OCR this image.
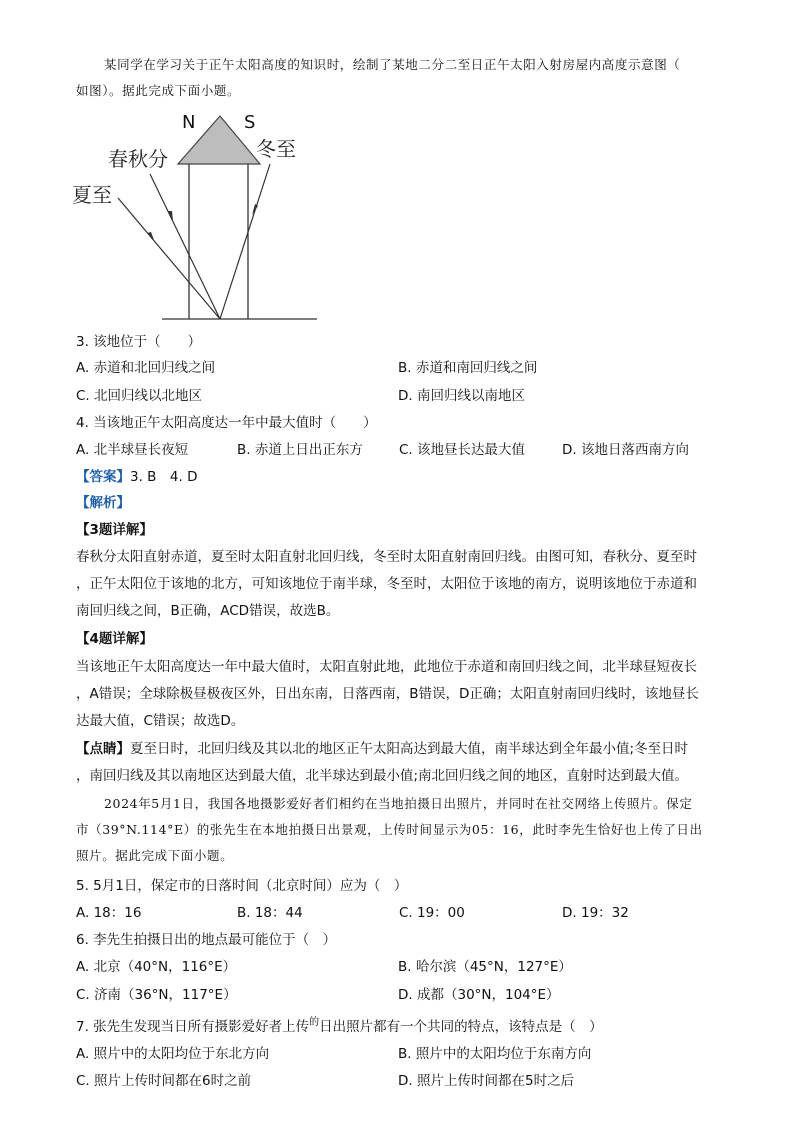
某同学在学习关于正午太阳高度的知识时，绘制了某地二分二至日正午太阳入射房屋内高度示意图（
如图）。据此完成下面小题。
N	S
春秋分	冬至
夏至
3. 该地位于（　　）
A. 赤道和北回归线之间	B. 赤道和南回归线之间
C. 北回归线以北地区	D. 南回归线以南地区
4. 当该地正午太阳高度达一年中最大值时（　　）
A. 北半球昼长夜短	B. 赤道上日出正东方	C. 该地昼长达最大值	D. 该地日落西南方向
【答案】3. B　4. D
【解析】
【3题详解】
春秋分太阳直射赤道，夏至时太阳直射北回归线，冬至时太阳直射南回归线。由图可知，春秋分、夏至时
，正午太阳位于该地的北方，可知该地位于南半球，冬至时，太阳位于该地的南方，说明该地位于赤道和
南回归线之间，B正确，ACD错误，故选B。
【4题详解】
当该地正午太阳高度达一年中最大值时，太阳直射此地，此地位于赤道和南回归线之间，北半球昼短夜长
，A错误；全球除极昼极夜区外，日出东南，日落西南，B错误，D正确；太阳直射南回归线时，该地昼长
达最大值，C错误；故选D。
【点睛】夏至日时，北回归线及其以北的地区正午太阳高达到最大值，南半球达到全年最小值;冬至日时
，南回归线及其以南地区达到最大值，北半球达到最小值;南北回归线之间的地区，直射时达到最大值。
2024年5月1日，我国各地摄影爱好者们相约在当地拍摄日出照片，并同时在社交网络上传照片。保定
市（39°N.114°E）的张先生在本地拍摄日出景观，上传时间显示为05：16，此时李先生恰好也上传了日出
照片。据此完成下面小题。
5. 5月1日，保定市的日落时间（北京时间）应为（　）
A. 18：16	B. 18：44	C. 19：00	D. 19：32
6. 李先生拍摄日出的地点最可能位于（　）
A. 北京（40°N，116°E）	B. 哈尔滨（45°N，127°E）
C. 济南（36°N，117°E）	D. 成都（30°N，104°E）
7. 张先生发现当日所有摄影爱好者上传$^的$日出照片都有一个共同的特点，该特点是（　）
A. 照片中的太阳均位于东北方向	B. 照片中的太阳均位于东南方向
C. 照片上传时间都在6时之前	D. 照片上传时间都在5时之后
